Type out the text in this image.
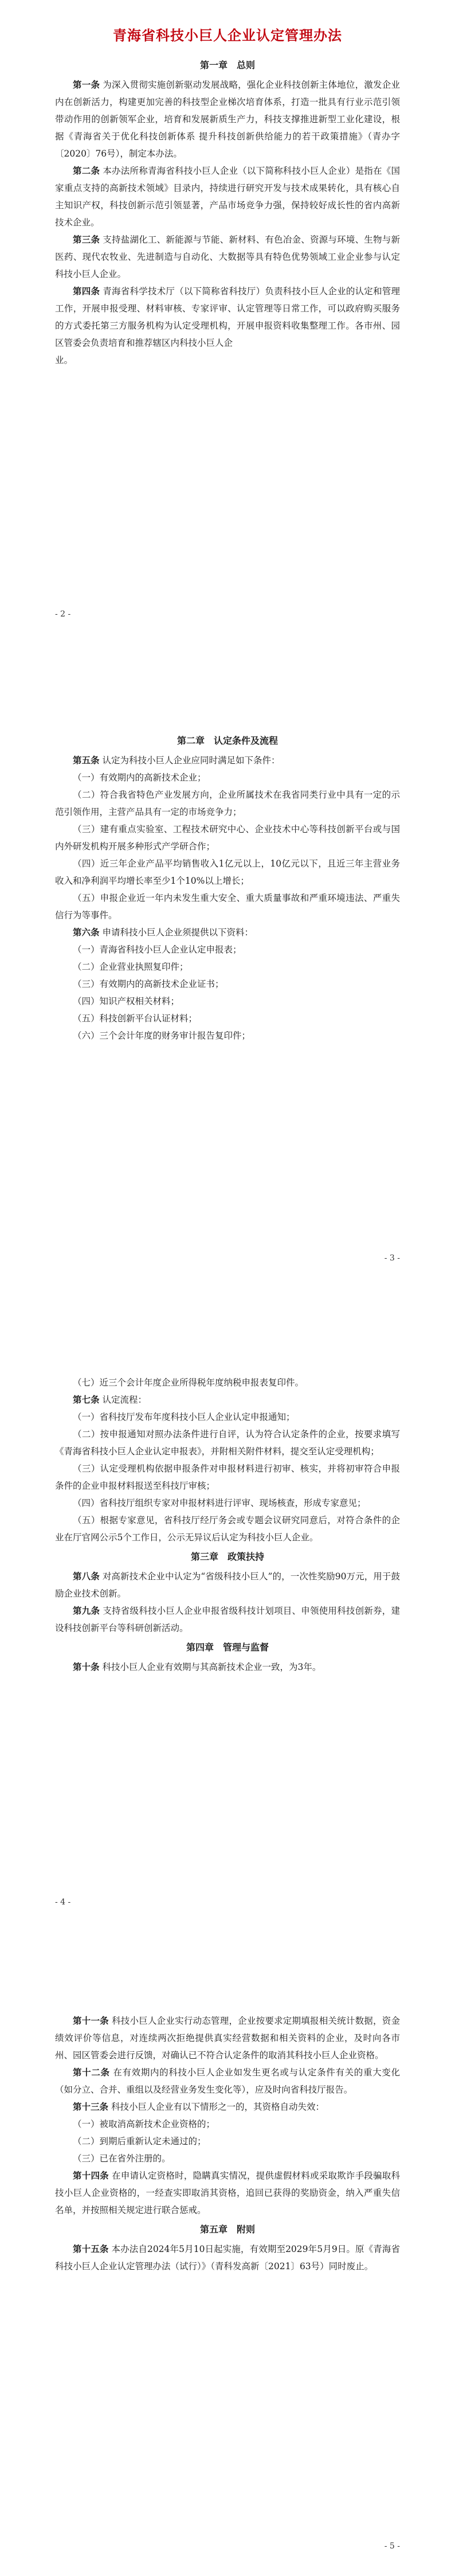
青海省科技小巨人企业认定管理办法
第一章　总则

第一条 为深入贯彻实施创新驱动发展战略，强化企业科技创新主体地位，激发企业内在创新活力，构建更加完善的科技型企业梯次培育体系，打造一批具有行业示范引领带动作用的创新领军企业，培育和发展新质生产力，科技支撑推进新型工业化建设，根据《青海省关于优化科技创新体系 提升科技创新供给能力的若干政策措施》（青办字〔2020〕76号），制定本办法。

第二条 本办法所称青海省科技小巨人企业（以下简称科技小巨人企业）是指在《国家重点支持的高新技术领域》目录内，持续进行研究开发与技术成果转化，具有核心自主知识产权，科技创新示范引领显著，产品市场竞争力强，保持较好成长性的省内高新技术企业。

第三条 支持盐湖化工、新能源与节能、新材料、有色冶金、资源与环境、生物与新医药、现代农牧业、先进制造与自动化、大数据等具有特色优势领域工业企业参与认定科技小巨人企业。

第四条 青海省科学技术厅（以下简称省科技厅）负责科技小巨人企业的认定和管理工作，开展申报受理、材料审核、专家评审、认定管理等日常工作，可以政府购买服务的方式委托第三方服务机构为认定受理机构，开展申报资料收集整理工作。各市州、园区管委会负责培育和推荐辖区内科技小巨人企

业。

- 2 -
第二章　认定条件及流程

第五条 认定为科技小巨人企业应同时满足如下条件：

（一）有效期内的高新技术企业；

（二）符合我省特色产业发展方向，企业所属技术在我省同类行业中具有一定的示范引领作用，主营产品具有一定的市场竞争力；

（三）建有重点实验室、工程技术研究中心、企业技术中心等科技创新平台或与国内外研发机构开展多种形式产学研合作；

（四）近三年企业产品平均销售收入1亿元以上，10亿元以下，且近三年主营业务收入和净利润平均增长率至少1个10%以上增长；

（五）申报企业近一年内未发生重大安全、重大质量事故和严重环境违法、严重失信行为等事件。

第六条 申请科技小巨人企业须提供以下资料：

（一）青海省科技小巨人企业认定申报表；

（二）企业营业执照复印件；

（三）有效期内的高新技术企业证书；

（四）知识产权相关材料；

（五）科技创新平台认证材料；

（六）三个会计年度的财务审计报告复印件；

- 3 -

（七）近三个会计年度企业所得税年度纳税申报表复印件。

第七条 认定流程：

（一）省科技厅发布年度科技小巨人企业认定申报通知；

（二）按申报通知对照办法条件进行自评，认为符合认定条件的企业，按要求填写《青海省科技小巨人企业认定申报表》，并附相关附件材料，提交至认定受理机构；

（三）认定受理机构依据申报条件对申报材料进行初审、核实，并将初审符合申报条件的企业申报材料报送至科技厅审核；

（四）省科技厅组织专家对申报材料进行评审、现场核查，形成专家意见；

（五）根据专家意见，省科技厅经厅务会或专题会议研究同意后，对符合条件的企业在厅官网公示5个工作日，公示无异议后认定为科技小巨人企业。

第三章　政策扶持

第八条 对高新技术企业中认定为“省级科技小巨人”的，一次性奖励90万元，用于鼓励企业技术创新。

第九条 支持省级科技小巨人企业申报省级科技计划项目、申领使用科技创新券，建设科技创新平台等科研创新活动。

第四章　管理与监督

第十条 科技小巨人企业有效期与其高新技术企业一致，为3年。

- 4 -

第十一条 科技小巨人企业实行动态管理，企业按要求定期填报相关统计数据，资金绩效评价等信息，对连续两次拒绝提供真实经营数据和相关资料的企业，及时向各市州、园区管委会进行反馈，对确认已不符合认定条件的取消其科技小巨人企业资格。

第十二条 在有效期内的科技小巨人企业如发生更名或与认定条件有关的重大变化（如分立、合并、重组以及经营业务发生变化等），应及时向省科技厅报告。

第十三条 科技小巨人企业有以下情形之一的，其资格自动失效：

（一）被取消高新技术企业资格的；

（二）到期后重新认定未通过的；

（三）已在省外注册的。

第十四条 在申请认定资格时，隐瞒真实情况，提供虚假材料或采取欺诈手段骗取科技小巨人企业资格的，一经查实即取消其资格，追回已获得的奖励资金，纳入严重失信名单，并按照相关规定进行联合惩戒。

第五章　附则

第十五条 本办法自2024年5月10日起实施，有效期至2029年5月9日。原《青海省科技小巨人企业认定管理办法（试行）》（青科发高新〔2021〕63号）同时废止。

- 5 -
